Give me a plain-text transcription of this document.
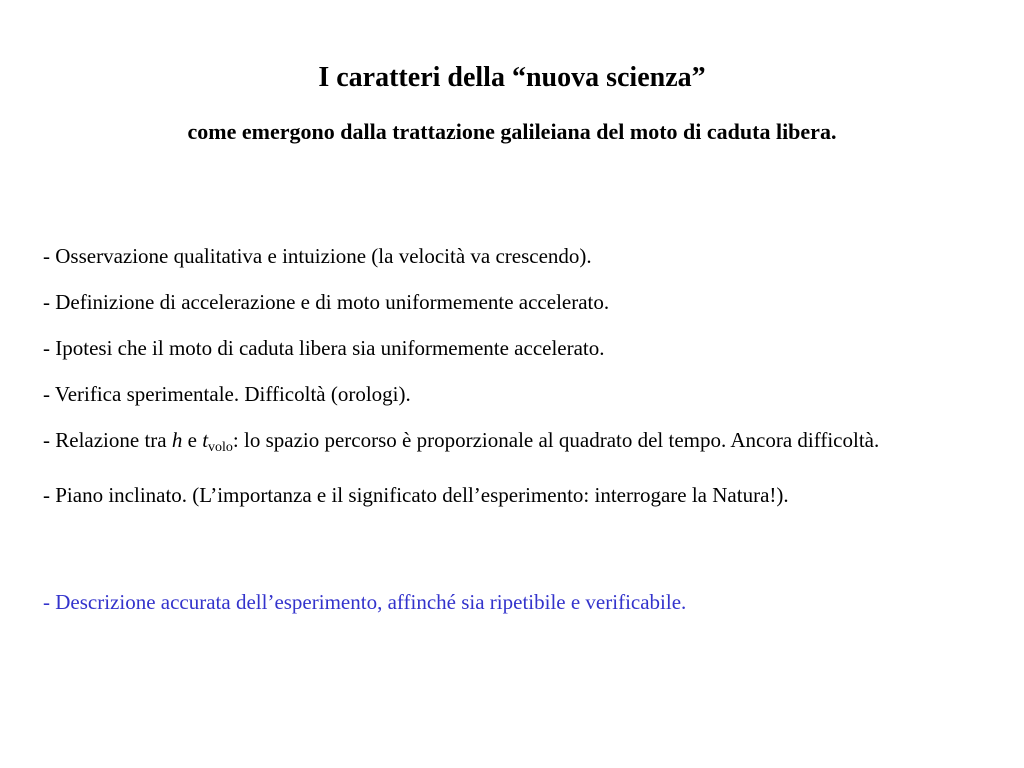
I caratteri della “nuova scienza”
come emergono dalla trattazione galileiana del moto di caduta libera.
- Osservazione qualitativa e intuizione (la velocità va crescendo).
- Definizione di accelerazione e di moto uniformemente accelerato.
- Ipotesi che il moto di caduta libera sia uniformemente accelerato.
- Verifica sperimentale. Difficoltà (orologi).
- Relazione tra h e $t_{volo}$: lo spazio percorso è proporzionale al quadrato del tempo. Ancora difficoltà.
- Piano inclinato. (L’importanza e il significato dell’esperimento: interrogare la Natura!).
- Descrizione accurata dell’esperimento, affinché sia ripetibile e verificabile.
